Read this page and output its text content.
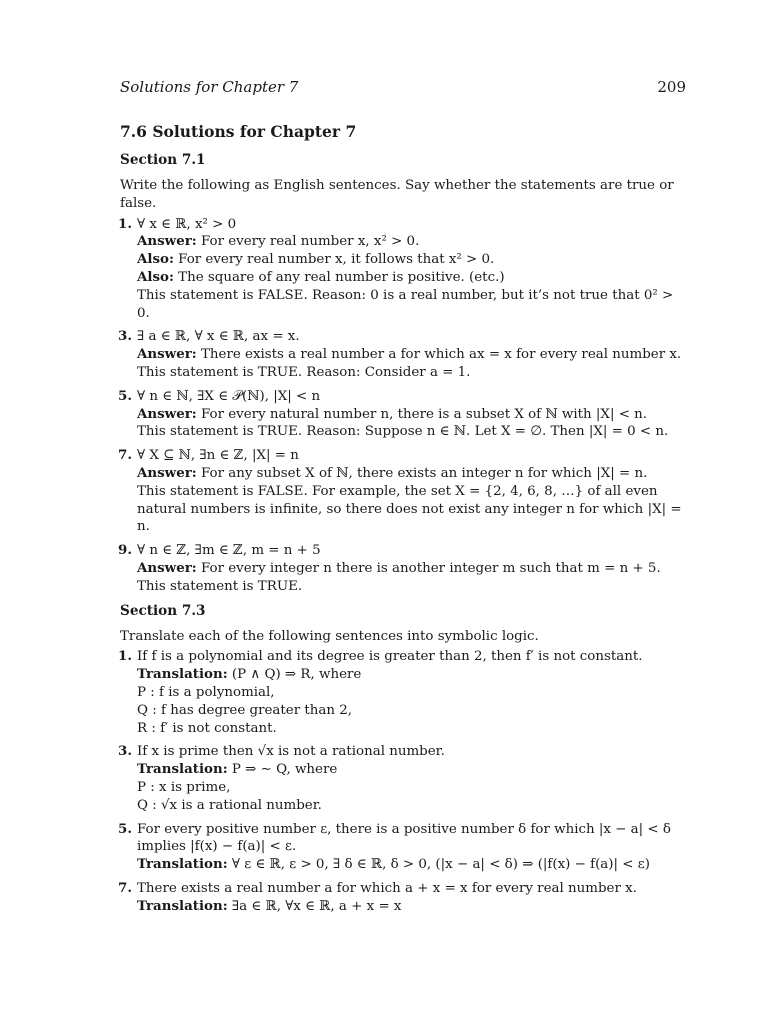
Solutions for Chapter 7	209
7.6 Solutions for Chapter 7
Section 7.1

Write the following as English sentences. Say whether the statements are true or false.

1. ∀ x ∈ ℝ, x² > 0
Answer: For every real number x, x² > 0.
Also: For every real number x, it follows that x² > 0.
Also: The square of any real number is positive. (etc.)
This statement is FALSE. Reason: 0 is a real number, but it’s not true that 0² > 0.
3. ∃ a ∈ ℝ, ∀ x ∈ ℝ, ax = x.
Answer: There exists a real number a for which ax = x for every real number x.
This statement is TRUE. Reason: Consider a = 1.
5. ∀ n ∈ ℕ, ∃X ∈ 𝒫(ℕ), |X| < n
Answer: For every natural number n, there is a subset X of ℕ with |X| < n.
This statement is TRUE. Reason: Suppose n ∈ ℕ. Let X = ∅. Then |X| = 0 < n.
7. ∀ X ⊆ ℕ, ∃n ∈ ℤ, |X| = n
Answer: For any subset X of ℕ, there exists an integer n for which |X| = n.
This statement is FALSE. For example, the set X = {2, 4, 6, 8, …} of all even natural numbers is infinite, so there does not exist any integer n for which |X| = n.
9. ∀ n ∈ ℤ, ∃m ∈ ℤ, m = n + 5
Answer: For every integer n there is another integer m such that m = n + 5.
This statement is TRUE.
Section 7.3

Translate each of the following sentences into symbolic logic.

1. If f is a polynomial and its degree is greater than 2, then f′ is not constant.
Translation: (P ∧ Q) ⇒ R, where
P : f is a polynomial,
Q : f has degree greater than 2,
R : f′ is not constant.
3. If x is prime then √x is not a rational number.
Translation: P ⇒ ∼ Q, where
P : x is prime,
Q : √x is a rational number.
5. For every positive number ε, there is a positive number δ for which |x − a| < δ implies |f(x) − f(a)| < ε.
Translation: ∀ ε ∈ ℝ, ε > 0, ∃ δ ∈ ℝ, δ > 0, (|x − a| < δ) ⇒ (|f(x) − f(a)| < ε)
7. There exists a real number a for which a + x = x for every real number x.
Translation: ∃a ∈ ℝ, ∀x ∈ ℝ, a + x = x
